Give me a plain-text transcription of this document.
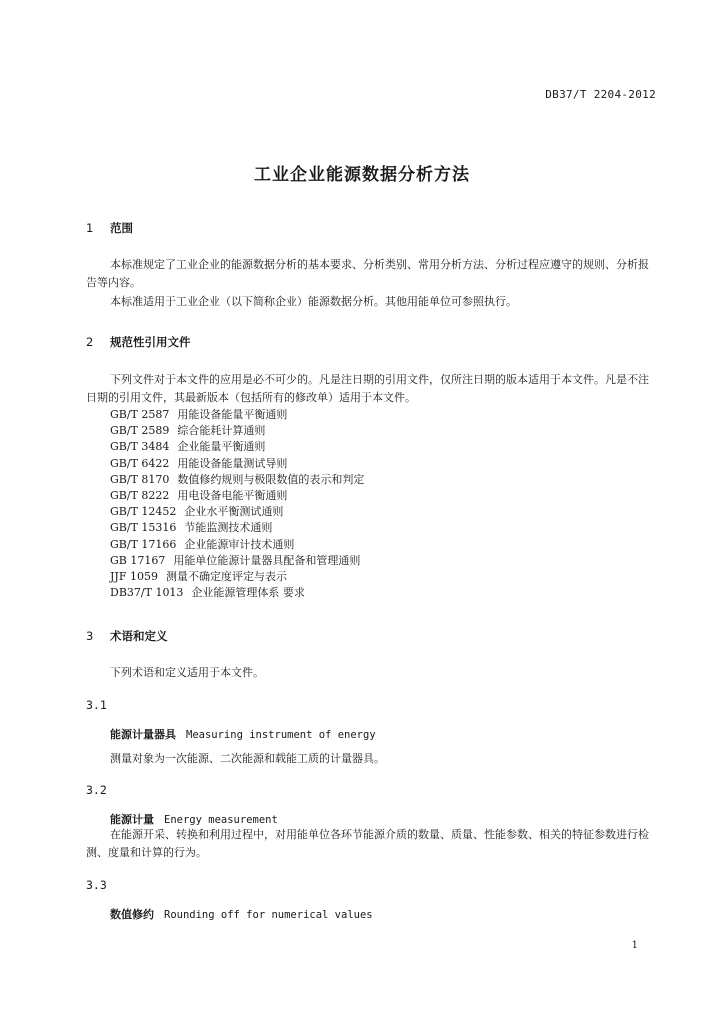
DB37/T 2204-2012
工业企业能源数据分析方法
1 范围

本标准规定了工业企业的能源数据分析的基本要求、分析类别、常用分析方法、分析过程应遵守的规则、分析报告等内容。

本标准适用于工业企业（以下简称企业）能源数据分析。其他用能单位可参照执行。
2 规范性引用文件

下列文件对于本文件的应用是必不可少的。凡是注日期的引用文件，仅所注日期的版本适用于本文件。凡是不注日期的引用文件，其最新版本（包括所有的修改单）适用于本文件。

GB/T 2587 用能设备能量平衡通则
GB/T 2589 综合能耗计算通则
GB/T 3484 企业能量平衡通则
GB/T 6422 用能设备能量测试导则
GB/T 8170 数值修约规则与极限数值的表示和判定
GB/T 8222 用电设备电能平衡通则
GB/T 12452 企业水平衡测试通则
GB/T 15316 节能监测技术通则
GB/T 17166 企业能源审计技术通则
GB 17167 用能单位能源计量器具配备和管理通则
JJF 1059 测量不确定度评定与表示
DB37/T 1013 企业能源管理体系 要求
3 术语和定义
下列术语和定义适用于本文件。
3.1
能源计量器具 Measuring instrument of energy
测量对象为一次能源、二次能源和载能工质的计量器具。
3.2
能源计量 Energy measurement

在能源开采、转换和利用过程中，对用能单位各环节能源介质的数量、质量、性能参数、相关的特征参数进行检测、度量和计算的行为。

3.3
数值修约 Rounding off for numerical values
1
